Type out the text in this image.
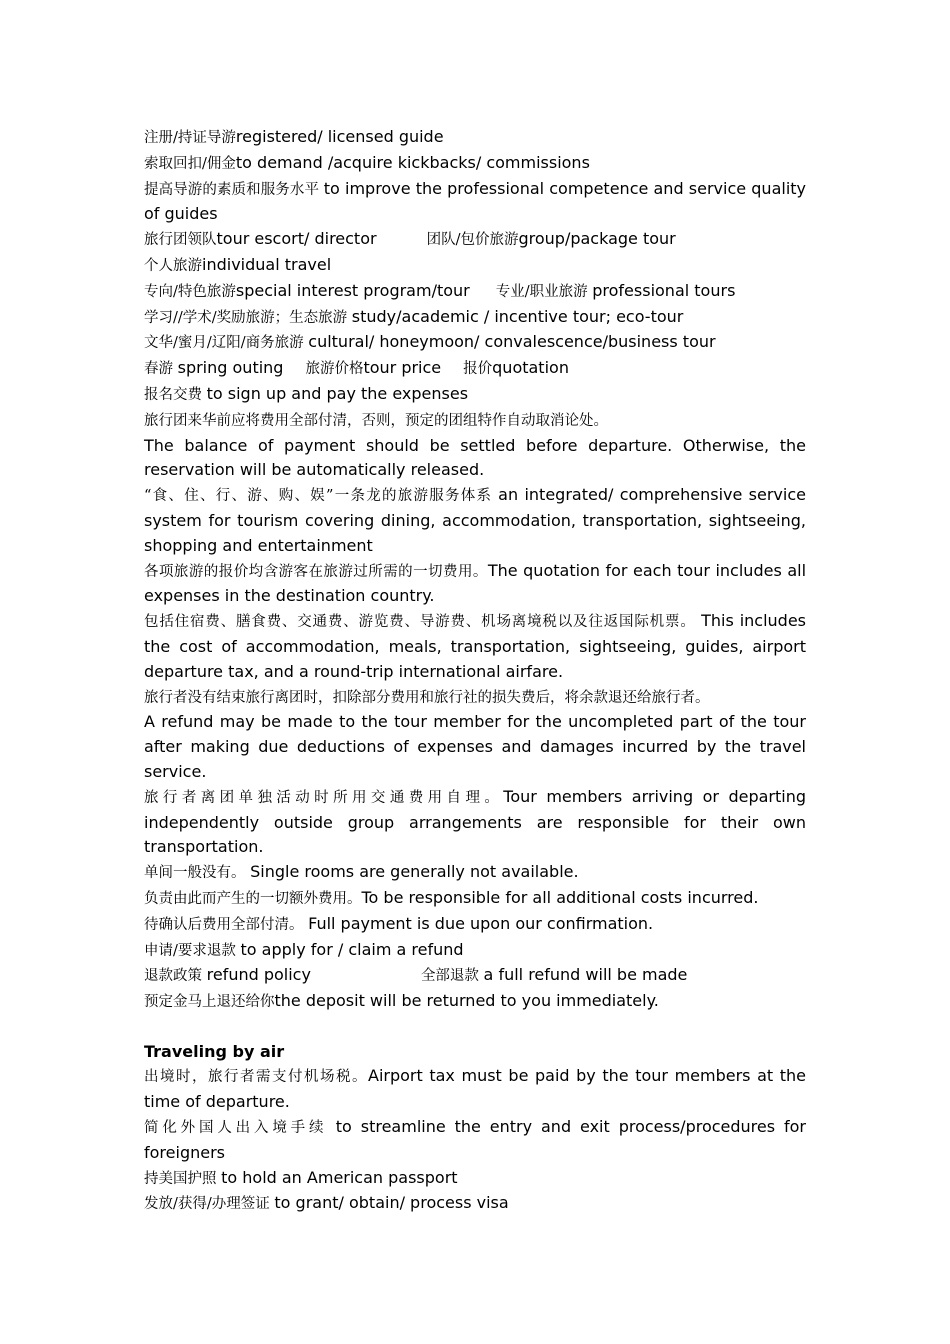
注册/持证导游registered/ licensed guide

索取回扣/佣金to demand /acquire kickbacks/ commissions

提高导游的素质和服务水平 to improve the professional competence and service quality of guides

旅行团领队tour escort/ director	团队/包价旅游group/package tour

个人旅游individual travel

专向/特色旅游special interest program/tour 专业/职业旅游 professional tours

学习//学术/奖励旅游；生态旅游 study/academic / incentive tour; eco-tour

文华/蜜月/辽阳/商务旅游 cultural/ honeymoon/ convalescence/business tour

春游 spring outing 旅游价格tour price 报价quotation

报名交费 to sign up and pay the expenses

旅行团来华前应将费用全部付清，否则，预定的团组特作自动取消论处。

The balance of payment should be settled before departure. Otherwise, the reservation will be automatically released.

“食、住、行、游、购、娱”一条龙的旅游服务体系 an integrated/ comprehensive service system for tourism covering dining, accommodation, transportation, sightseeing, shopping and entertainment

各项旅游的报价均含游客在旅游过所需的一切费用。The quotation for each tour includes all expenses in the destination country.

包括住宿费、膳食费、交通费、游览费、导游费、机场离境税以及往返国际机票。 This includes the cost of accommodation, meals, transportation, sightseeing, guides, airport departure tax, and a round-trip international airfare.

旅行者没有结束旅行离团时，扣除部分费用和旅行社的损失费后，将余款退还给旅行者。

A refund may be made to the tour member for the uncompleted part of the tour after making due deductions of expenses and damages incurred by the travel service.

旅行者离团单独活动时所用交通费用自理。Tour members arriving or departing independently outside group arrangements are responsible for their own transportation.

单间一般没有。 Single rooms are generally not available.

负责由此而产生的一切额外费用。To be responsible for all additional costs incurred.

待确认后费用全部付清。 Full payment is due upon our confirmation.

申请/要求退款 to apply for / claim a refund

退款政策 refund policy	全部退款 a full refund will be made

预定金马上退还给你the deposit will be returned to you immediately.

Traveling by air

出境时，旅行者需支付机场税。Airport tax must be paid by the tour members at the time of departure.

简化外国人出入境手续 to streamline the entry and exit process/procedures for foreigners

持美国护照 to hold an American passport

发放/获得/办理签证 to grant/ obtain/ process visa
